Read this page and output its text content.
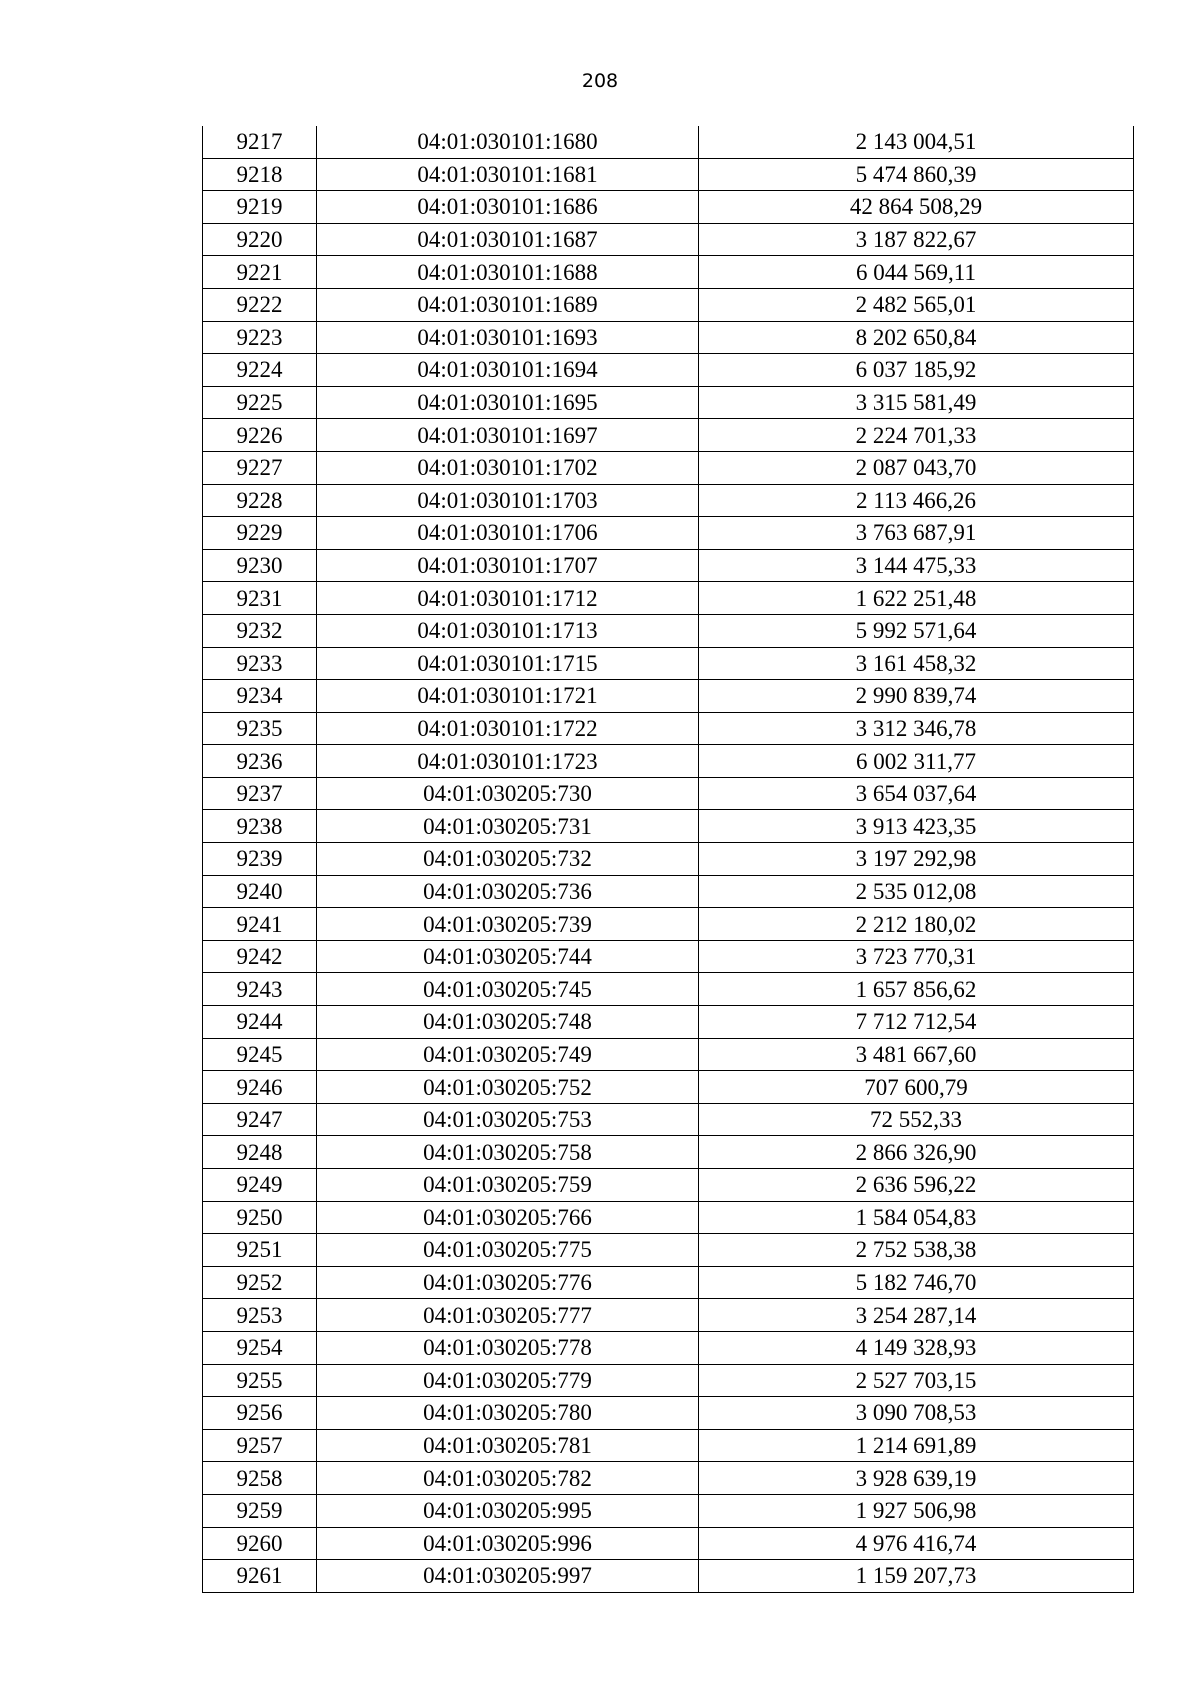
208
9217	04:01:030101:1680	2 143 004,51
9218	04:01:030101:1681	5 474 860,39
9219	04:01:030101:1686	42 864 508,29
9220	04:01:030101:1687	3 187 822,67
9221	04:01:030101:1688	6 044 569,11
9222	04:01:030101:1689	2 482 565,01
9223	04:01:030101:1693	8 202 650,84
9224	04:01:030101:1694	6 037 185,92
9225	04:01:030101:1695	3 315 581,49
9226	04:01:030101:1697	2 224 701,33
9227	04:01:030101:1702	2 087 043,70
9228	04:01:030101:1703	2 113 466,26
9229	04:01:030101:1706	3 763 687,91
9230	04:01:030101:1707	3 144 475,33
9231	04:01:030101:1712	1 622 251,48
9232	04:01:030101:1713	5 992 571,64
9233	04:01:030101:1715	3 161 458,32
9234	04:01:030101:1721	2 990 839,74
9235	04:01:030101:1722	3 312 346,78
9236	04:01:030101:1723	6 002 311,77
9237	04:01:030205:730	3 654 037,64
9238	04:01:030205:731	3 913 423,35
9239	04:01:030205:732	3 197 292,98
9240	04:01:030205:736	2 535 012,08
9241	04:01:030205:739	2 212 180,02
9242	04:01:030205:744	3 723 770,31
9243	04:01:030205:745	1 657 856,62
9244	04:01:030205:748	7 712 712,54
9245	04:01:030205:749	3 481 667,60
9246	04:01:030205:752	707 600,79
9247	04:01:030205:753	72 552,33
9248	04:01:030205:758	2 866 326,90
9249	04:01:030205:759	2 636 596,22
9250	04:01:030205:766	1 584 054,83
9251	04:01:030205:775	2 752 538,38
9252	04:01:030205:776	5 182 746,70
9253	04:01:030205:777	3 254 287,14
9254	04:01:030205:778	4 149 328,93
9255	04:01:030205:779	2 527 703,15
9256	04:01:030205:780	3 090 708,53
9257	04:01:030205:781	1 214 691,89
9258	04:01:030205:782	3 928 639,19
9259	04:01:030205:995	1 927 506,98
9260	04:01:030205:996	4 976 416,74
9261	04:01:030205:997	1 159 207,73
